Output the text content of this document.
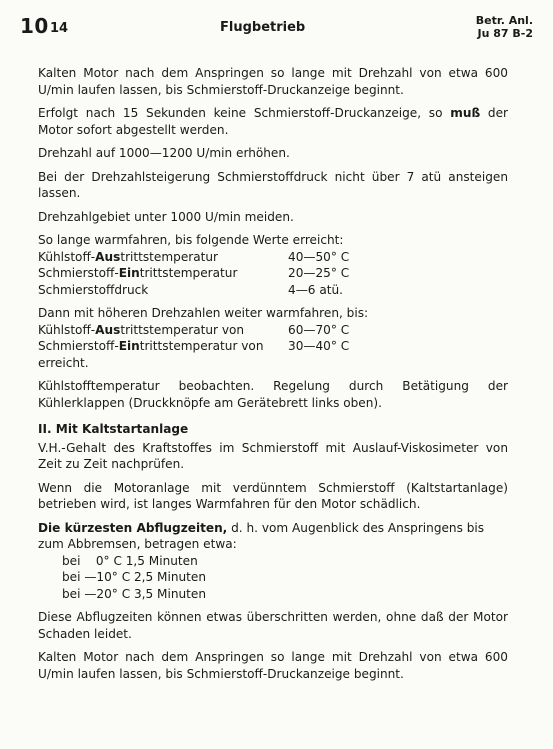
10 14	Flugbetrieb	Betr. Anl.
Ju 87 B-2

Kalten Motor nach dem Anspringen so lange mit Drehzahl von etwa 600 U/min laufen lassen, bis Schmierstoff-Druckanzeige beginnt.

Erfolgt nach 15 Sekunden keine Schmierstoff-Druckanzeige, so muß der Motor sofort abgestellt werden.

Drehzahl auf 1000—1200 U/min erhöhen.

Bei der Drehzahlsteigerung Schmierstoffdruck nicht über 7 atü ansteigen lassen.

Drehzahlgebiet unter 1000 U/min meiden.

So lange warmfahren, bis folgende Werte erreicht:
Kühlstoff-Austrittstemperatur	40—50° C
Schmierstoff-Eintrittstemperatur	20—25° C
Schmierstoffdruck	4—6 atü.
Dann mit höheren Drehzahlen weiter warmfahren, bis:
Kühlstoff-Austrittstemperatur von	60—70° C
Schmierstoff-Eintrittstemperatur von	30—40° C
erreicht.

Kühlstofftemperatur beobachten. Regelung durch Betätigung der Kühlerklappen (Druckknöpfe am Gerätebrett links oben).

II. Mit Kaltstartanlage

V.H.-Gehalt des Kraftstoffes im Schmierstoff mit Auslauf-Viskosimeter von Zeit zu Zeit nachprüfen.

Wenn die Motoranlage mit verdünntem Schmierstoff (Kaltstartanlage) betrieben wird, ist langes Warmfahren für den Motor schädlich.

Die kürzesten Abflugzeiten, d. h. vom Augenblick des Anspringens bis zum Abbremsen, betragen etwa:
bei    0° C 1,5 Minuten
bei —10° C 2,5 Minuten
bei —20° C 3,5 Minuten

Diese Abflugzeiten können etwas überschritten werden, ohne daß der Motor Schaden leidet.

Kalten Motor nach dem Anspringen so lange mit Drehzahl von etwa 600 U/min laufen lassen, bis Schmierstoff-Druckanzeige beginnt.
